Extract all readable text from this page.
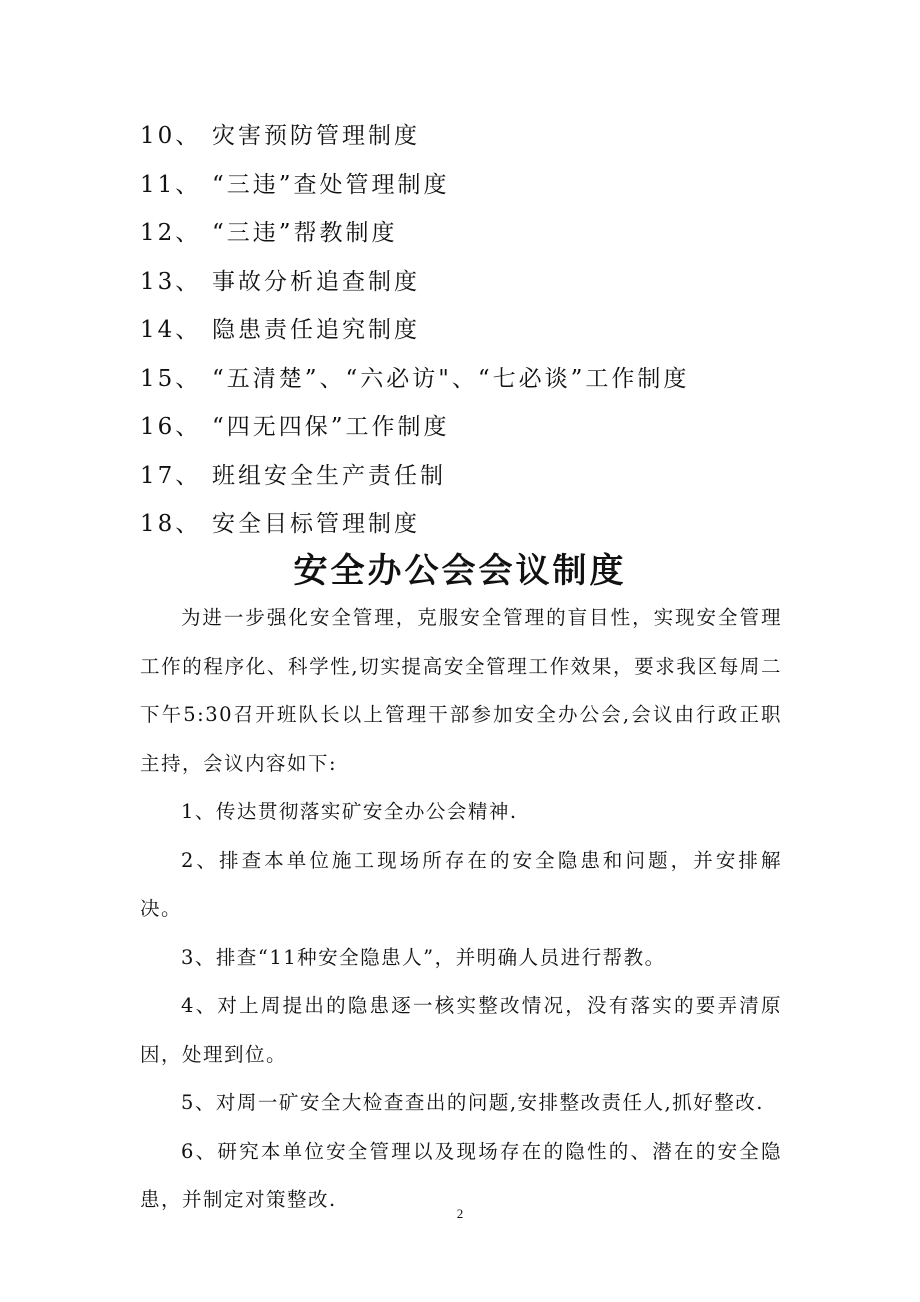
10、 灾害预防管理制度
11、 “三违”查处管理制度
12、 “三违”帮教制度
13、 事故分析追查制度
14、 隐患责任追究制度
15、 “五清楚”、“六必访"、“七必谈”工作制度
16、 “四无四保”工作制度
17、 班组安全生产责任制
18、 安全目标管理制度
安全办公会会议制度

为进一步强化安全管理，克服安全管理的盲目性，实现安全管理工作的程序化、科学性,切实提高安全管理工作效果，要求我区每周二下午5:30召开班队长以上管理干部参加安全办公会,会议由行政正职主持，会议内容如下:

1、传达贯彻落实矿安全办公会精神.

2、排查本单位施工现场所存在的安全隐患和问题，并安排解决。

3、排查“11种安全隐患人”，并明确人员进行帮教。

4、对上周提出的隐患逐一核实整改情况，没有落实的要弄清原因，处理到位。

5、对周一矿安全大检查查出的问题,安排整改责任人,抓好整改.

6、研究本单位安全管理以及现场存在的隐性的、潜在的安全隐患，并制定对策整改.

2
